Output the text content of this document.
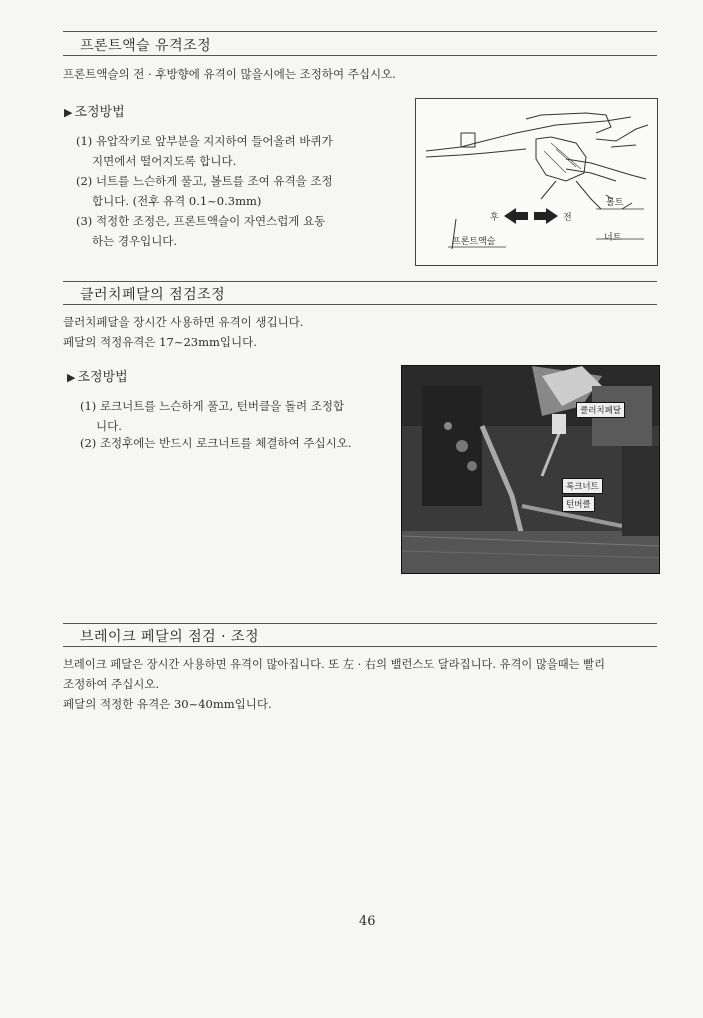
프론트액슬 유격조정
프론트액슬의 전 · 후방향에 유격이 많을시에는 조정하여 주십시오.
▶ 조정방법
(1) 유압작키로 앞부분을 지지하여 들어올려 바퀴가
지면에서 떨어지도록 합니다.
(2) 너트를 느슨하게 풀고, 볼트를 조여 유격을 조정
합니다. (전후 유격 0.1~0.3mm)
(3) 적정한 조정은, 프론트액슬이 자연스럽게 요동
하는 경우입니다.
볼트
너트
후	전
프론트액슬
클러치페달의 점검조정
클러치페달을 장시간 사용하면 유격이 생깁니다.
페달의 적정유격은 17~23mm입니다.
▶ 조정방법
(1) 로크너트를 느슨하게 풀고, 턴버클을 돌려 조정합
니다.
(2) 조정후에는 반드시 로크너트를 체결하여 주십시오.
클러치페달
록크너트
턴버클
브레이크 페달의 점검 · 조정
브레이크 페달은 장시간 사용하면 유격이 많아집니다. 또 左 · 右의 밸런스도 달라집니다. 유격이 많을때는 빨리
조정하여 주십시오.
페달의 적정한 유격은 30~40mm입니다.
46
